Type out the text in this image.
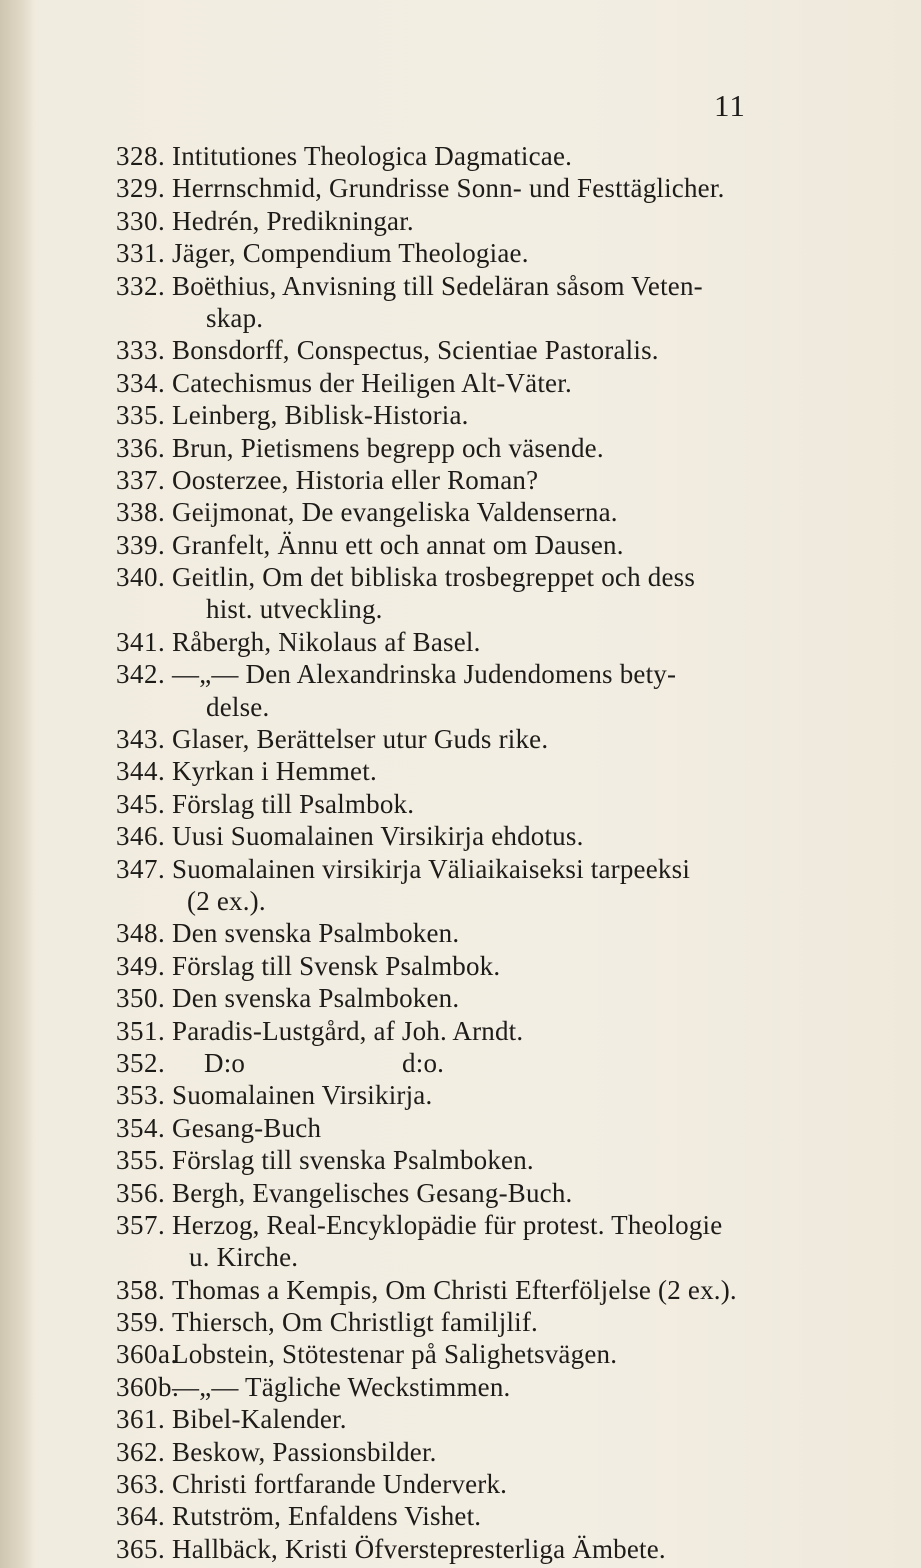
11
328. Intitutiones Theologica Dagmaticae.
329. Herrnschmid, Grundrisse Sonn- und Festtäglicher.
330. Hedrén, Predikningar.
331. Jäger, Compendium Theologiae.
332. Boëthius, Anvisning till Sedeläran såsom Veten-
skap.
333. Bonsdorff, Conspectus, Scientiae Pastoralis.
334. Catechismus der Heiligen Alt-Väter.
335. Leinberg, Biblisk-Historia.
336. Brun, Pietismens begrepp och väsende.
337. Oosterzee, Historia eller Roman?
338. Geijmonat, De evangeliska Valdenserna.
339. Granfelt, Ännu ett och annat om Dausen.
340. Geitlin, Om det bibliska trosbegreppet och dess
hist. utveckling.
341. Råbergh, Nikolaus af Basel.
342. —„— Den Alexandrinska Judendomens bety-
delse.
343. Glaser, Berättelser utur Guds rike.
344. Kyrkan i Hemmet.
345. Förslag till Psalmbok.
346. Uusi Suomalainen Virsikirja ehdotus.
347. Suomalainen virsikirja Väliaikaiseksi tarpeeksi
(2 ex.).
348. Den svenska Psalmboken.
349. Förslag till Svensk Psalmbok.
350. Den svenska Psalmboken.
351. Paradis-Lustgård, af Joh. Arndt.
352. D:o d:o.
353. Suomalainen Virsikirja.
354. Gesang-Buch
355. Förslag till svenska Psalmboken.
356. Bergh, Evangelisches Gesang-Buch.
357. Herzog, Real-Encyklopädie für protest. Theologie
u. Kirche.
358. Thomas a Kempis, Om Christi Efterföljelse (2 ex.).
359. Thiersch, Om Christligt familjlif.
360a.
Lobstein, Stötestenar på Salighetsvägen.
360b.
—„— Tägliche Weckstimmen.
361. Bibel-Kalender.
362. Beskow, Passionsbilder.
363. Christi fortfarande Underverk.
364. Rutström, Enfaldens Vishet.
365. Hallbäck, Kristi Öfverstepresterliga Ämbete.
